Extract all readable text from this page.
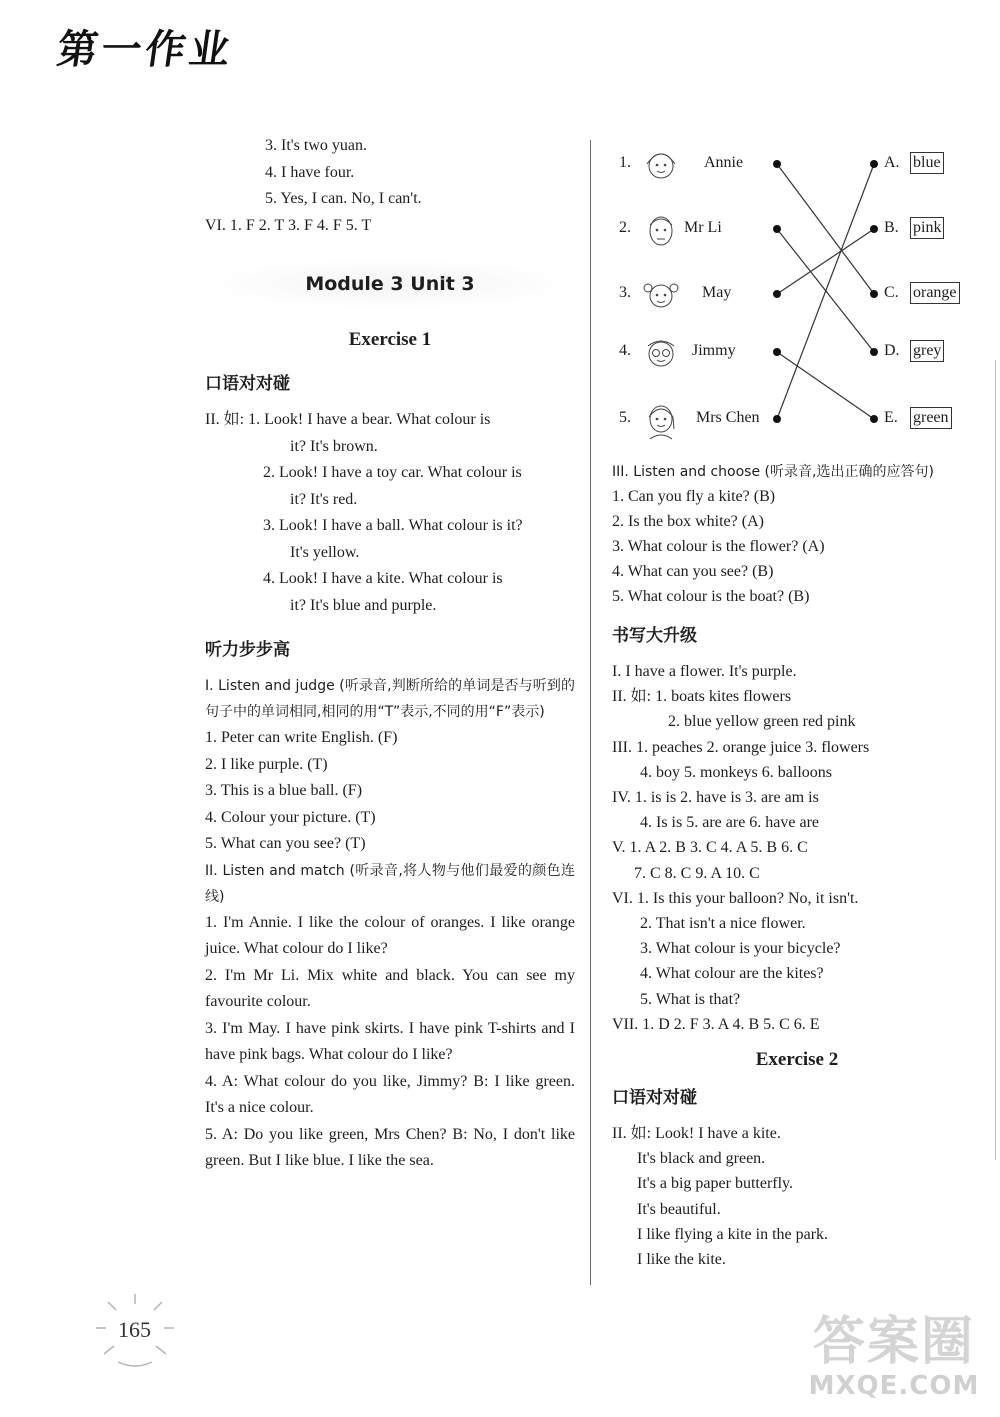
第一作业
3. It's two yuan.
4. I have four.
5. Yes, I can. No, I can't.
VI. 1. F 2. T 3. F 4. F 5. T
Module 3 Unit 3
Exercise 1
口语对对碰
II. 如: 1. Look! I have a bear. What colour is
it? It's brown.
2. Look! I have a toy car. What colour is
it? It's red.
3. Look! I have a ball. What colour is it?
It's yellow.
4. Look! I have a kite. What colour is
it? It's blue and purple.
听力步步高
I. Listen and judge (听录音,判断所给的单词是否与听到的句子中的单词相同,相同的用“T”表示,不同的用“F”表示)
1. Peter can write English. (F)
2. I like purple. (T)
3. This is a blue ball. (F)
4. Colour your picture. (T)
5. What can you see? (T)
II. Listen and match (听录音,将人物与他们最爱的颜色连线)
1. I'm Annie. I like the colour of oranges. I like orange juice. What colour do I like?
2. I'm Mr Li. Mix white and black. You can see my favourite colour.
3. I'm May. I have pink skirts. I have pink T-shirts and I have pink bags. What colour do I like?
4. A: What colour do you like, Jimmy? B: I like green. It's a nice colour.
5. A: Do you like green, Mrs Chen? B: No, I don't like green. But I like blue. I like the sea.
1.	Annie	A. blue
2.	Mr Li	B. pink
3.	May	C. orange
4.	Jimmy	D. grey
5.	Mrs Chen	E. green
III. Listen and choose (听录音,选出正确的应答句)
1. Can you fly a kite? (B)
2. Is the box white? (A)
3. What colour is the flower? (A)
4. What can you see? (B)
5. What colour is the boat? (B)
书写大升级
I. I have a flower. It's purple.
II. 如: 1. boats kites flowers
2. blue yellow green red pink
III. 1. peaches 2. orange juice 3. flowers
4. boy 5. monkeys 6. balloons
IV. 1. is is 2. have is 3. are am is
4. Is is 5. are are 6. have are
V. 1. A 2. B 3. C 4. A 5. B 6. C
7. C 8. C 9. A 10. C
VI. 1. Is this your balloon? No, it isn't.
2. That isn't a nice flower.
3. What colour is your bicycle?
4. What colour are the kites?
5. What is that?
VII. 1. D 2. F 3. A 4. B 5. C 6. E
Exercise 2
口语对对碰
II. 如: Look! I have a kite.
It's black and green.
It's a big paper butterfly.
It's beautiful.
I like flying a kite in the park.
I like the kite.
165	答案圈
MXQE.COM
